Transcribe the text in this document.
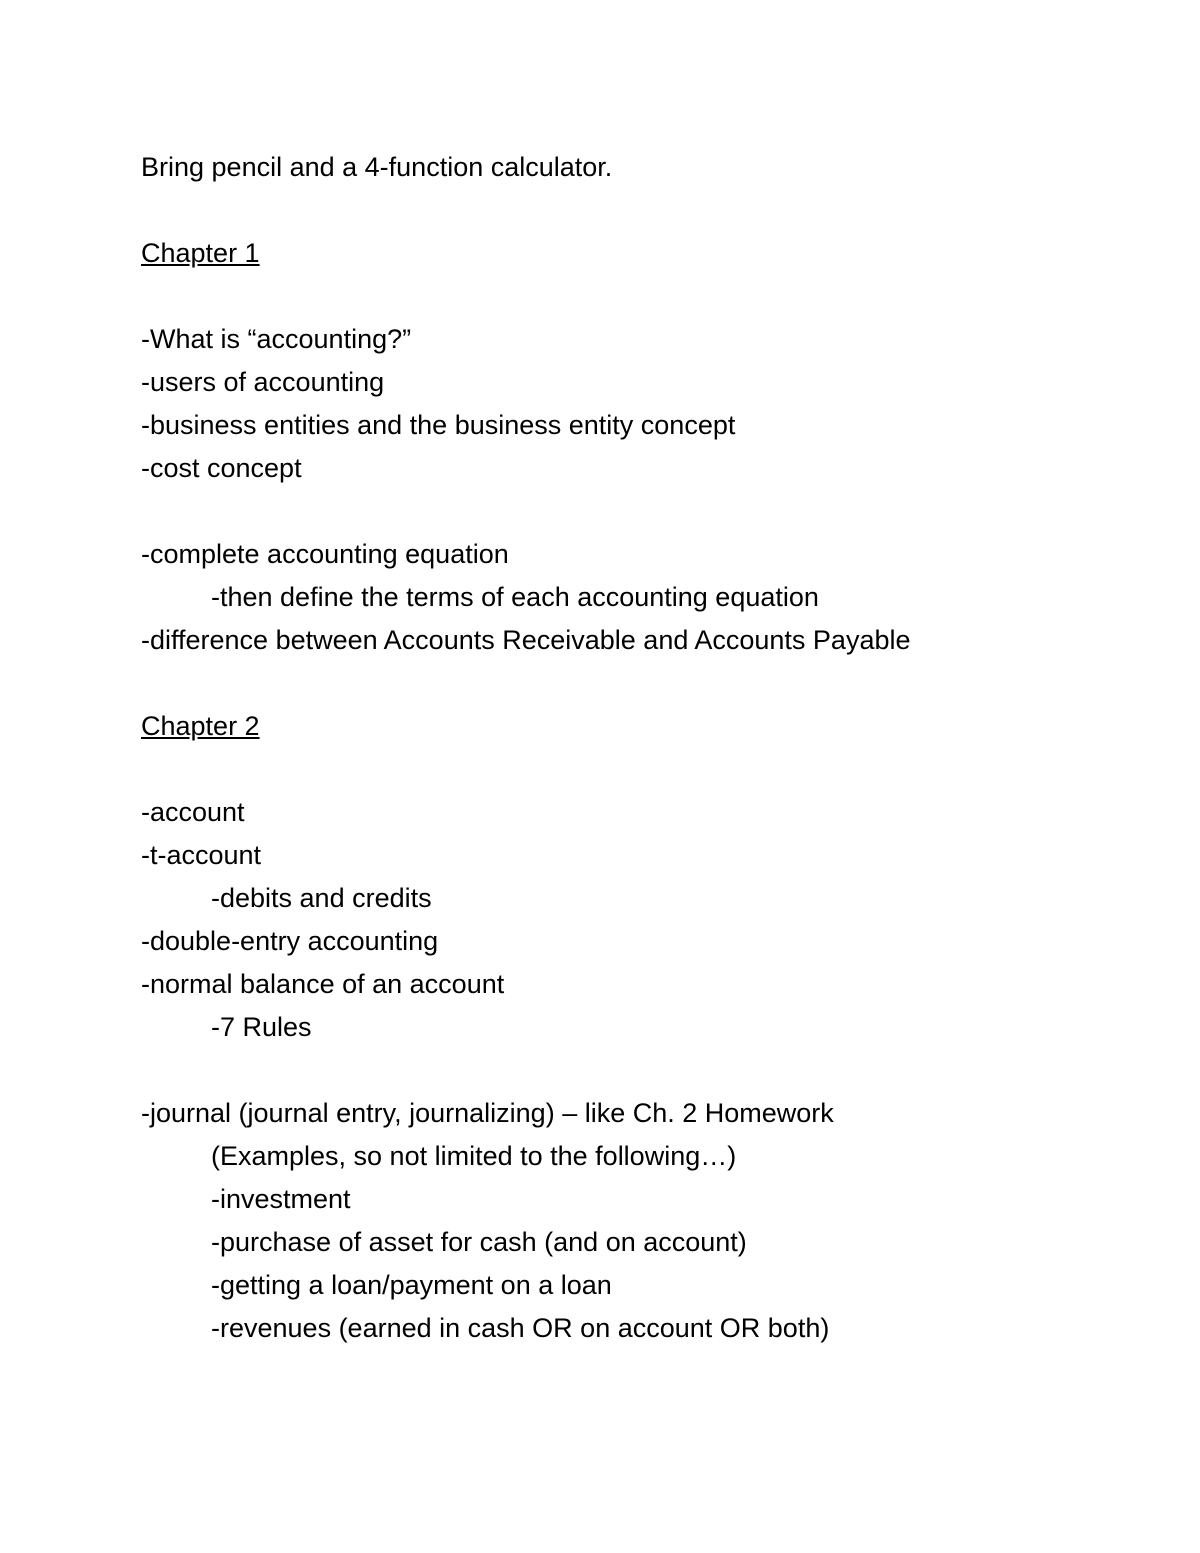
Bring pencil and a 4-function calculator.
Chapter 1
-What is “accounting?”
-users of accounting
-business entities and the business entity concept
-cost concept
-complete accounting equation
-then define the terms of each accounting equation
-difference between Accounts Receivable and Accounts Payable
Chapter 2
-account
-t-account
-debits and credits
-double-entry accounting
-normal balance of an account
-7 Rules
-journal (journal entry, journalizing) – like Ch. 2 Homework
(Examples, so not limited to the following…)
-investment
-purchase of asset for cash (and on account)
-getting a loan/payment on a loan
-revenues (earned in cash OR on account OR both)
